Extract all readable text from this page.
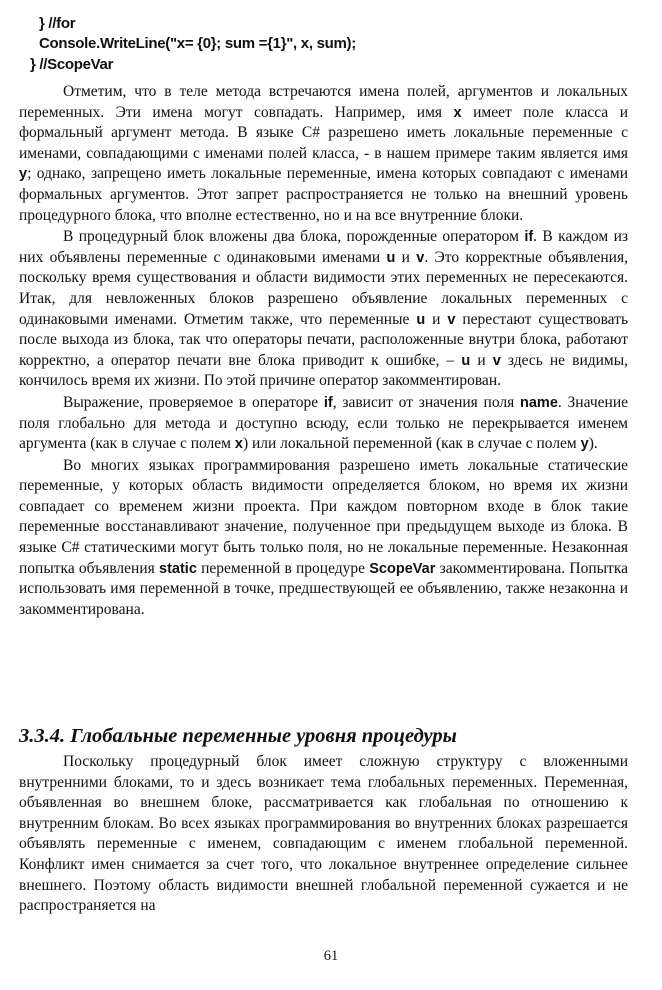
} //for
Console.WriteLine("x= {0}; sum ={1}", x, sum);
} //ScopeVar

Отметим, что в теле метода встречаются имена полей, аргументов и локальных переменных. Эти имена могут совпадать. Например, имя x имеет поле класса и формальный аргумент метода. В языке C# разрешено иметь локальные переменные с именами, совпадающими с именами полей класса, - в нашем примере таким является имя y; однако, запрещено иметь локальные переменные, имена которых совпадают с именами формальных аргументов. Этот запрет распространяется не только на внешний уровень процедурного блока, что вполне естественно, но и на все внутренние блоки.

В процедурный блок вложены два блока, порожденные оператором if. В каждом из них объявлены переменные с одинаковыми именами u и v. Это корректные объявления, поскольку время существования и области видимости этих переменных не пересекаются. Итак, для невложенных блоков разрешено объявление локальных переменных с одинаковыми именами. Отметим также, что переменные u и v перестают существовать после выхода из блока, так что операторы печати, расположенные внутри блока, работают корректно, а оператор печати вне блока приводит к ошибке, – u и v здесь не видимы, кончилось время их жизни. По этой причине оператор закомментирован.

Выражение, проверяемое в операторе if, зависит от значения поля name. Значение поля глобально для метода и доступно всюду, если только не перекрывается именем аргумента (как в случае с полем x) или локальной переменной (как в случае с полем y).

Во многих языках программирования разрешено иметь локальные статические переменные, у которых область видимости определяется блоком, но время их жизни совпадает со временем жизни проекта. При каждом повторном входе в блок такие переменные восстанавливают значение, полученное при предыдущем выходе из блока. В языке C# статическими могут быть только поля, но не локальные переменные. Незаконная попытка объявления static переменной в процедуре ScopeVar закомментирована. Попытка использовать имя переменной в точке, предшествующей ее объявлению, также незаконна и закомментирована.

3.3.4. Глобальные переменные уровня процедуры

Поскольку процедурный блок имеет сложную структуру с вложенными внутренними блоками, то и здесь возникает тема глобальных переменных. Переменная, объявленная во внешнем блоке, рассматривается как глобальная по отношению к внутренним блокам. Во всех языках программирования во внутренних блоках разрешается объявлять переменные с именем, совпадающим с именем глобальной переменной. Конфликт имен снимается за счет того, что локальное внутреннее определение сильнее внешнего. Поэтому область видимости внешней глобальной переменной сужается и не распространяется на

61
